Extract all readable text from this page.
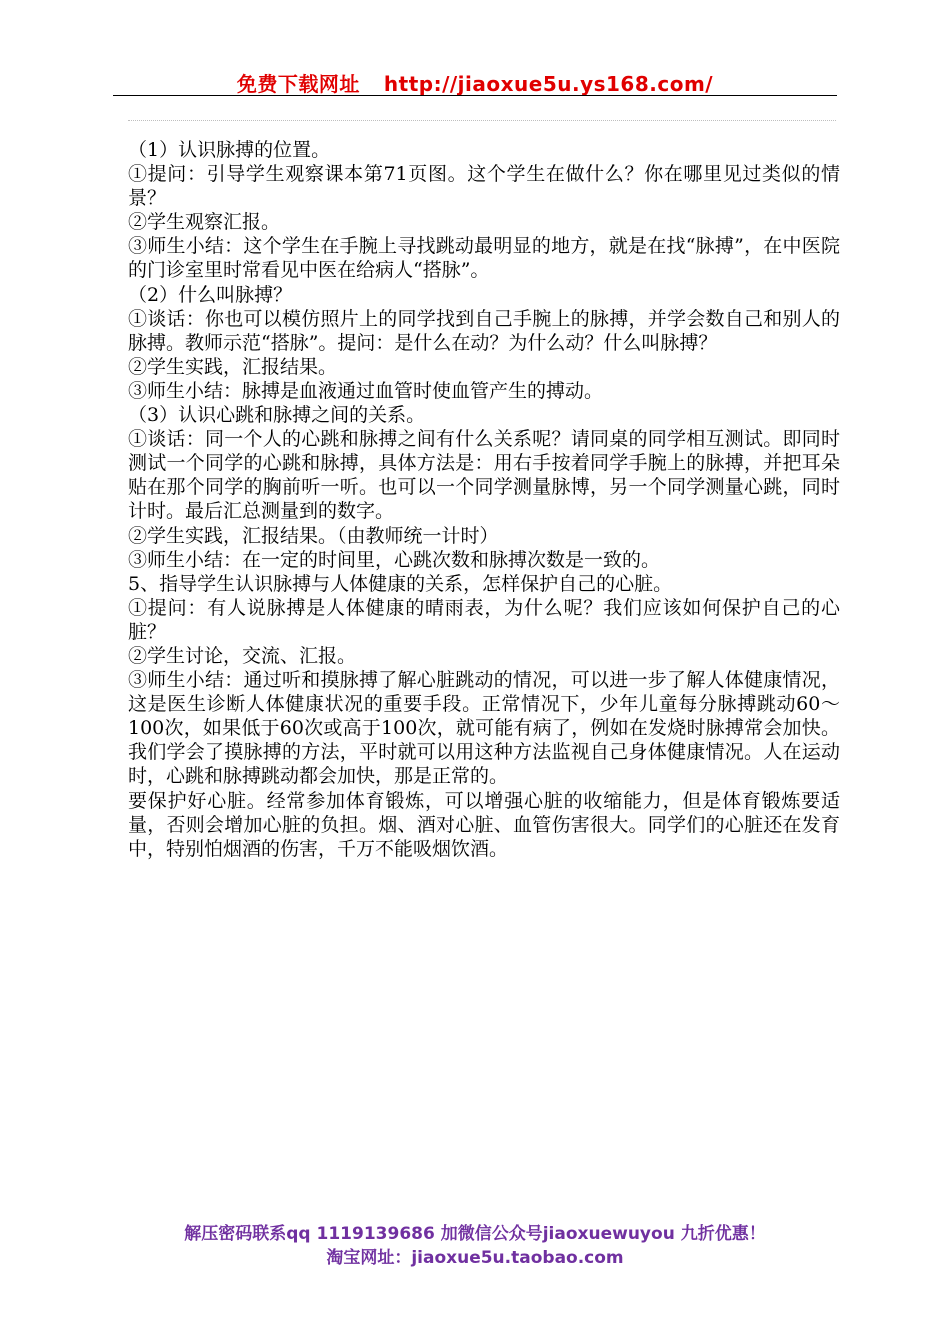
免费下载网址 http://jiaoxue5u.ys168.com/

（1）认识脉搏的位置。

①提问：引导学生观察课本第71页图。这个学生在做什么？你在哪里见过类似的情景？

②学生观察汇报。

③师生小结：这个学生在手腕上寻找跳动最明显的地方，就是在找“脉搏”，在中医院的门诊室里时常看见中医在给病人“搭脉”。

（2）什么叫脉搏？

①谈话：你也可以模仿照片上的同学找到自己手腕上的脉搏，并学会数自己和别人的脉搏。教师示范“搭脉”。提问：是什么在动？为什么动？什么叫脉搏？

②学生实践，汇报结果。

③师生小结：脉搏是血液通过血管时使血管产生的搏动。

（3）认识心跳和脉搏之间的关系。

①谈话：同一个人的心跳和脉搏之间有什么关系呢？请同桌的同学相互测试。即同时测试一个同学的心跳和脉搏，具体方法是：用右手按着同学手腕上的脉搏，并把耳朵贴在那个同学的胸前听一听。也可以一个同学测量脉博，另一个同学测量心跳，同时计时。最后汇总测量到的数字。

②学生实践，汇报结果。（由教师统一计时）

③师生小结：在一定的时间里，心跳次数和脉搏次数是一致的。

5、指导学生认识脉搏与人体健康的关系，怎样保护自己的心脏。

①提问：有人说脉搏是人体健康的晴雨表，为什么呢？我们应该如何保护自己的心脏？

②学生讨论，交流、汇报。

③师生小结：通过听和摸脉搏了解心脏跳动的情况，可以进一步了解人体健康情况，这是医生诊断人体健康状况的重要手段。正常情况下，少年儿童每分脉搏跳动60～100次，如果低于60次或高于100次，就可能有病了，例如在发烧时脉搏常会加快。我们学会了摸脉搏的方法，平时就可以用这种方法监视自己身体健康情况。人在运动时，心跳和脉搏跳动都会加快，那是正常的。

要保护好心脏。经常参加体育锻炼，可以增强心脏的收缩能力，但是体育锻炼要适量，否则会增加心脏的负担。烟、酒对心脏、血管伤害很大。同学们的心脏还在发育中，特别怕烟酒的伤害，千万不能吸烟饮酒。

解压密码联系qq 1119139686 加微信公众号jiaoxuewuyou 九折优惠！
淘宝网址：jiaoxue5u.taobao.com
